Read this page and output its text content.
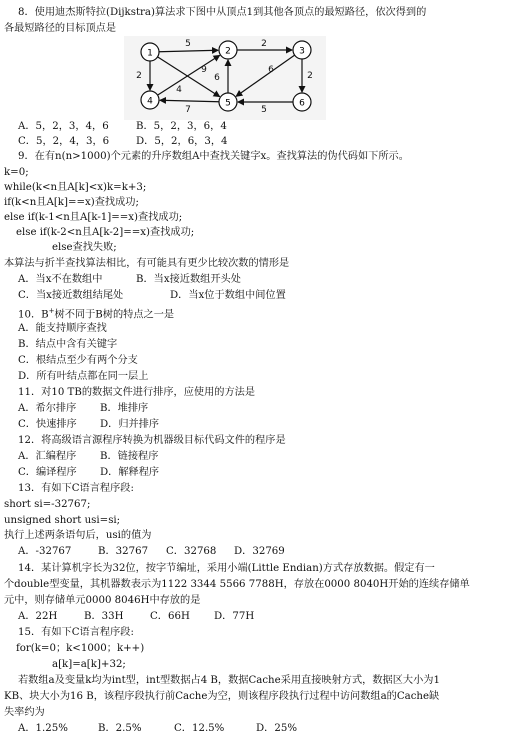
8．使用迪杰斯特拉(Dijkstra)算法求下图中从顶点1到其他各顶点的最短路径，依次得到的
各最短路径的目标顶点是
1	2	3
4	5	6
5	2
2
4
9
6
6
2
7	5
A．5，2，3，4，6	B．5，2，3，6，4
C．5，2，4，3，6	D．5，2，6，3，4
9．在有n(n>1000)个元素的升序数组A中查找关键字x。查找算法的伪代码如下所示。
k=0;
while(k<n且A[k]<x)k=k+3;
if(k<n且A[k]==x)查找成功;
else if(k-1<n且A[k-1]==x)查找成功;
else if(k-2<n且A[k-2]==x)查找成功;
else查找失败;
本算法与折半查找算法相比，有可能具有更少比较次数的情形是
A．当x不在数组中	B．当x接近数组开头处
C．当x接近数组结尾处	D．当x位于数组中间位置
10．B+树不同于B树的特点之一是
A．能支持顺序查找
B．结点中含有关键字
C．根结点至少有两个分支
D．所有叶结点都在同一层上
11．对10 TB的数据文件进行排序，应使用的方法是
A．希尔排序 B．堆排序
C．快速排序 D．归并排序
12．将高级语言源程序转换为机器级目标代码文件的程序是
A．汇编程序 B．链接程序
C．编译程序 D．解释程序
13．有如下C语言程序段:
short si=-32767;
unsigned short usi=si;
执行上述两条语句后，usi的值为
A．-32767	B．32767 C．32768 D．32769
14．某计算机字长为32位，按字节编址，采用小端(Little Endian)方式存放数据。假定有一
个double型变量，其机器数表示为1122 3344 5566 7788H，存放在0000 8040H开始的连续存储单
元中，则存储单元0000 8046H中存放的是
A．22H	B．33H	C．66H D．77H
15．有如下C语言程序段:
for(k=0；k<1000；k++)
a[k]=a[k]+32;
若数组a及变量k均为int型，int型数据占4 B，数据Cache采用直接映射方式，数据区大小为1
KB、块大小为16 B，该程序段执行前Cache为空，则该程序段执行过程中访问数组a的Cache缺
失率约为
A．1.25%	B．2.5%	C．12.5%	D．25%
